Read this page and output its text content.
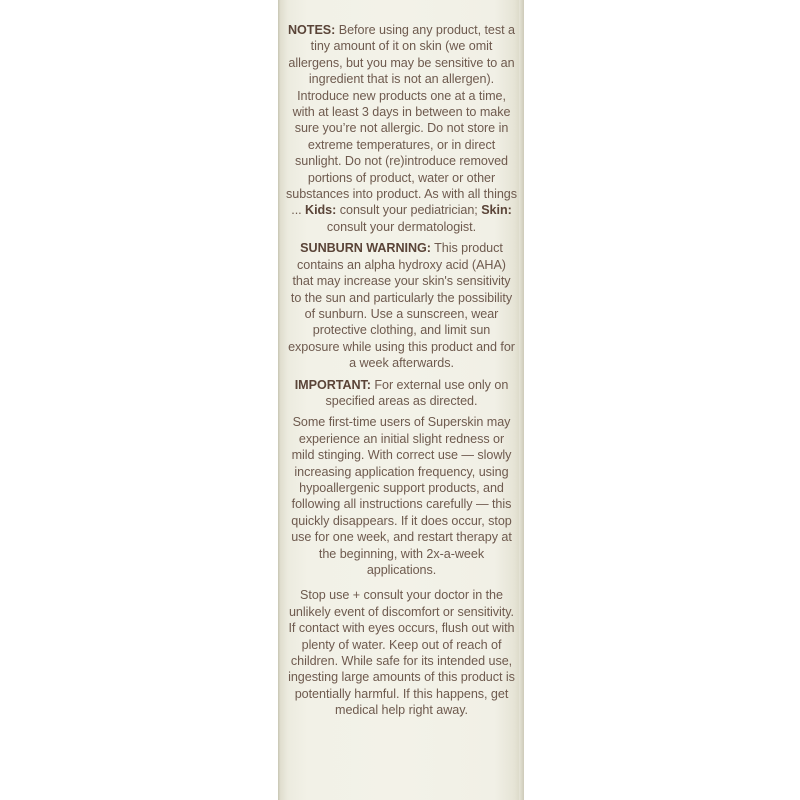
NOTES: Before using any product, test a tiny amount of it on skin (we omit allergens, but you may be sensitive to an ingredient that is not an allergen). Introduce new products one at a time, with at least 3 days in between to make sure you’re not allergic. Do not store in extreme temperatures, or in direct sunlight. Do not (re)introduce removed portions of product, water or other substances into product. As with all things ... Kids: consult your pediatrician; Skin: consult your dermatologist.

SUNBURN WARNING: This product contains an alpha hydroxy acid (AHA) that may increase your skin's sensitivity to the sun and particularly the possibility of sunburn. Use a sunscreen, wear protective clothing, and limit sun exposure while using this product and for a week afterwards.

IMPORTANT: For external use only on specified areas as directed.

Some first-time users of Superskin may experience an initial slight redness or mild stinging. With correct use — slowly increasing application frequency, using hypoallergenic support products, and following all instructions carefully — this quickly disappears. If it does occur, stop use for one week, and restart therapy at the beginning, with 2x-a-week applications.

Stop use + consult your doctor in the unlikely event of discomfort or sensitivity. If contact with eyes occurs, flush out with plenty of water. Keep out of reach of children. While safe for its intended use, ingesting large amounts of this product is potentially harmful. If this happens, get medical help right away.
